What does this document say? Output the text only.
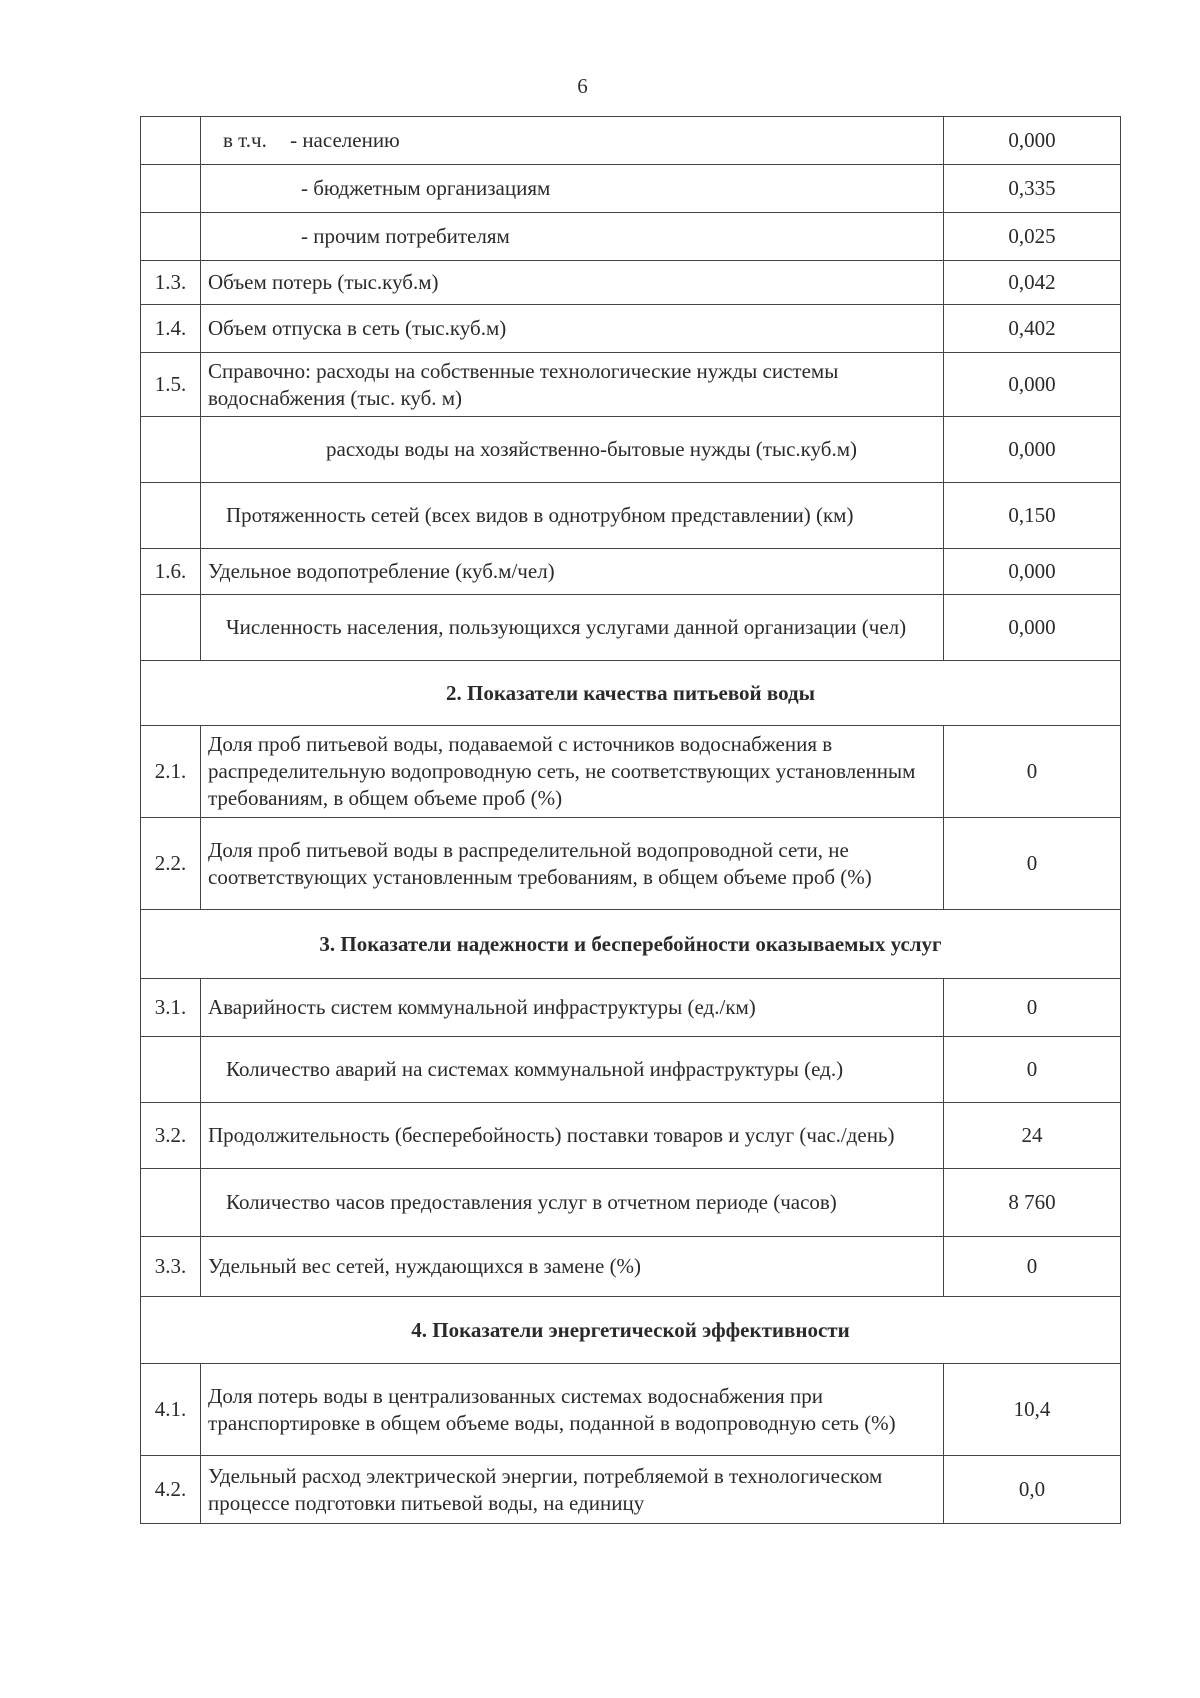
6
	в т.ч. - населению	0,000
	- бюджетным организациям	0,335
	- прочим потребителям	0,025
1.3.	Объем потерь (тыс.куб.м)	0,042
1.4.	Объем отпуска в сеть (тыс.куб.м)	0,402
1.5.	Справочно: расходы на собственные технологические нужды системы водоснабжения (тыс. куб. м)	0,000
	расходы воды на хозяйственно-бытовые нужды (тыс.куб.м)	0,000
	Протяженность сетей (всех видов в однотрубном представлении) (км)	0,150
1.6.	Удельное водопотребление (куб.м/чел)	0,000
	Численность населения, пользующихся услугами данной организации (чел)	0,000
2. Показатели качества питьевой воды		
2.1.	Доля проб питьевой воды, подаваемой с источников водоснабжения в распределительную водопроводную сеть, не соответствующих установленным требованиям, в общем объеме проб (%)	0
2.2.	Доля проб питьевой воды в распределительной водопроводной сети, не соответствующих установленным требованиям, в общем объеме проб (%)	0
3. Показатели надежности и бесперебойности оказываемых услуг		
3.1.	Аварийность систем коммунальной инфраструктуры (ед./км)	0
	Количество аварий на системах коммунальной инфраструктуры (ед.)	0
3.2.	Продолжительность (бесперебойность) поставки товаров и услуг (час./день)	24
	Количество часов предоставления услуг в отчетном периоде (часов)	8 760
3.3.	Удельный вес сетей, нуждающихся в замене (%)	0
4. Показатели энергетической эффективности		
4.1.	Доля потерь воды в централизованных системах водоснабжения при транспортировке в общем объеме воды, поданной в водопроводную сеть (%)	10,4
4.2.	Удельный расход электрической энергии, потребляемой в технологическом процессе подготовки питьевой воды, на единицу	0,0
